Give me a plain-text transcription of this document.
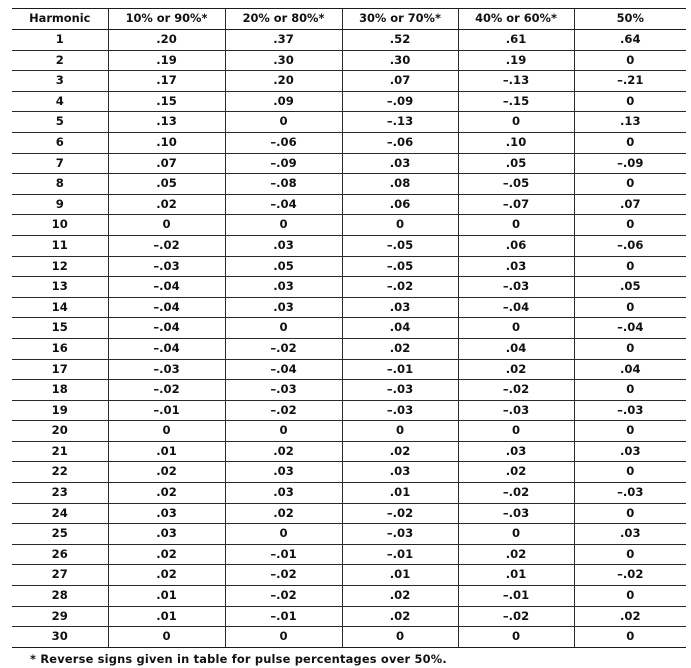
Harmonic	10% or 90%*	20% or 80%*	30% or 70%*	40% or 60%*	50%
1	.20	.37	.52	.61	.64
2	.19	.30	.30	.19	0
3	.17	.20	.07	–.13	–.21
4	.15	.09	–.09	–.15	0
5	.13	0	–.13	0	.13
6	.10	–.06	–.06	.10	0
7	.07	–.09	.03	.05	–.09
8	.05	–.08	.08	–.05	0
9	.02	–.04	.06	–.07	.07
10	0	0	0	0	0
11	–.02	.03	–.05	.06	–.06
12	–.03	.05	–.05	.03	0
13	–.04	.03	–.02	–.03	.05
14	–.04	.03	.03	–.04	0
15	–.04	0	.04	0	–.04
16	–.04	–.02	.02	.04	0
17	–.03	–.04	–.01	.02	.04
18	–.02	–.03	–.03	–.02	0
19	–.01	–.02	–.03	–.03	–.03
20	0	0	0	0	0
21	.01	.02	.02	.03	.03
22	.02	.03	.03	.02	0
23	.02	.03	.01	–.02	–.03
24	.03	.02	–.02	–.03	0
25	.03	0	–.03	0	.03
26	.02	–.01	–.01	.02	0
27	.02	–.02	.01	.01	–.02
28	.01	–.02	.02	–.01	0
29	.01	–.01	.02	–.02	.02
30	0	0	0	0	0
* Reverse signs given in table for pulse percentages over 50%.
